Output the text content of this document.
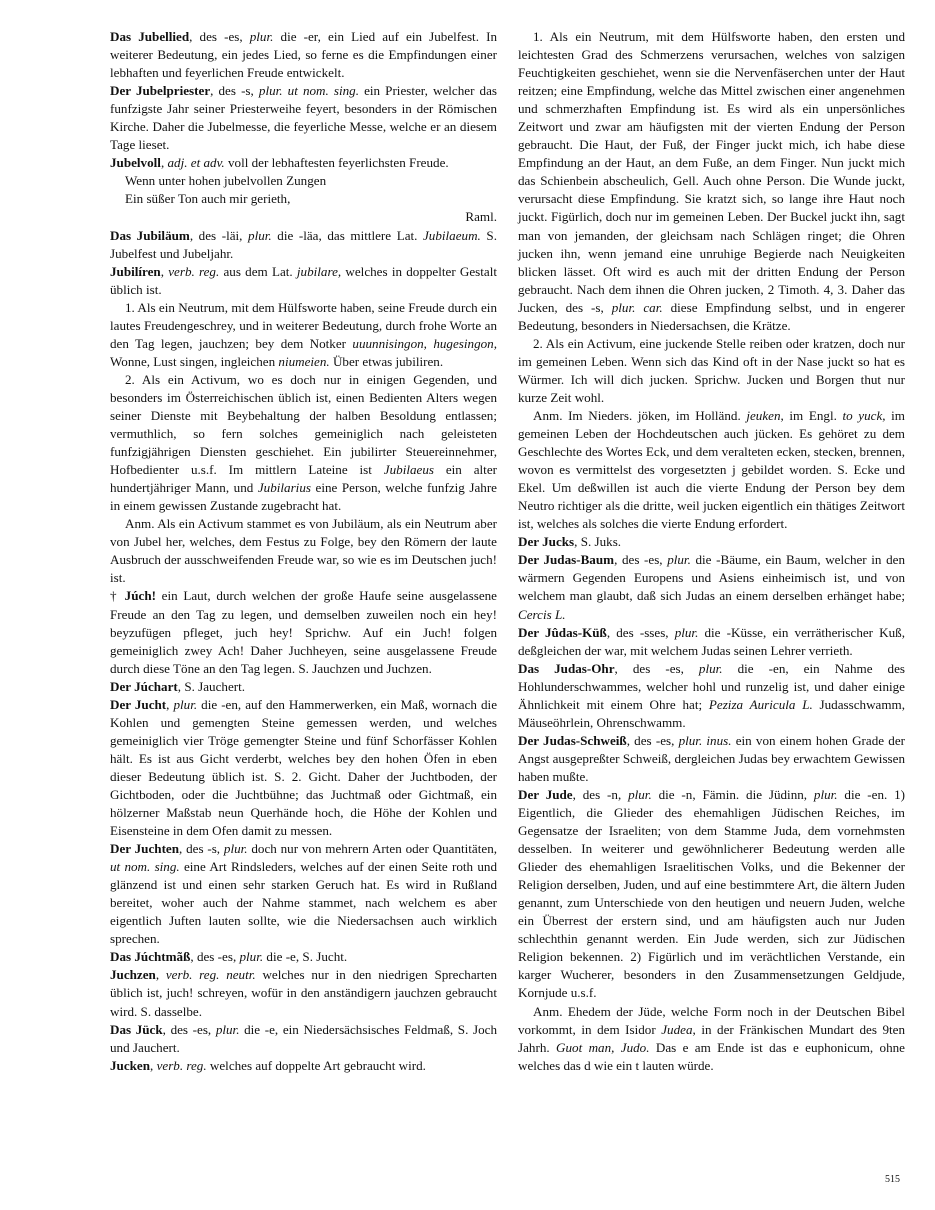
Das Jubellied, des -es, plur. die -er, ein Lied auf ein Jubelfest. In weiterer Bedeutung, ein jedes Lied, so ferne es die Empfindungen einer lebhaften und feyerlichen Freude entwickelt.

Der Jubelpriester, des -s, plur. ut nom. sing. ein Priester, welcher das funfzigste Jahr seiner Priesterweihe feyert, besonders in der Römischen Kirche. Daher die Jubelmesse, die feyerliche Messe, welche er an diesem Tage lieset.

Jubelvoll, adj. et adv. voll der lebhaftesten feyerlichsten Freude.

Wenn unter hohen jubelvollen Zungen

Ein süßer Ton auch mir gerieth,

Raml.

Das Jubiläum, des -läi, plur. die -läa, das mittlere Lat. Jubilaeum. S. Jubelfest und Jubeljahr.

Jubilíren, verb. reg. aus dem Lat. jubilare, welches in doppelter Gestalt üblich ist.

1. Als ein Neutrum, mit dem Hülfsworte haben, seine Freude durch ein lautes Freudengeschrey, und in weiterer Bedeutung, durch frohe Worte an den Tag legen, jauchzen; bey dem Notker uuunnisingon, hugesingon, Wonne, Lust singen, ingleichen niumeien. Über etwas jubiliren.

2. Als ein Activum, wo es doch nur in einigen Gegenden, und besonders im Österreichischen üblich ist, einen Bedienten Alters wegen seiner Dienste mit Beybehaltung der halben Besoldung entlassen; vermuthlich, so fern solches gemeiniglich nach geleisteten funfzigjährigen Diensten geschiehet. Ein jubilirter Steuereinnehmer, Hofbedienter u.s.f. Im mittlern Lateine ist Jubilaeus ein alter hundertjähriger Mann, und Jubilarius eine Person, welche funfzig Jahre in einem gewissen Zustande zugebracht hat.

Anm. Als ein Activum stammet es von Jubiläum, als ein Neutrum aber von Jubel her, welches, dem Festus zu Folge, bey den Römern der laute Ausbruch der ausschweifenden Freude war, so wie es im Deutschen juch! ist.

† Júch! ein Laut, durch welchen der große Haufe seine ausgelassene Freude an den Tag zu legen, und demselben zuweilen noch ein hey! beyzufügen pfleget, juch hey! Sprichw. Auf ein Juch! folgen gemeiniglich zwey Ach! Daher Juchheyen, seine ausgelassene Freude durch diese Töne an den Tag legen. S. Jauchzen und Juchzen.

Der Júchart, S. Jauchert.

Der Jucht, plur. die -en, auf den Hammerwerken, ein Maß, wornach die Kohlen und gemengten Steine gemessen werden, und welches gemeiniglich vier Tröge gemengter Steine und fünf Schorfässer Kohlen hält. Es ist aus Gicht verderbt, welches bey den hohen Öfen in eben dieser Bedeutung üblich ist. S. 2. Gicht. Daher der Juchtboden, der Gichtboden, oder die Juchtbühne; das Juchtmaß oder Gichtmaß, ein hölzerner Maßstab neun Querhände hoch, die Höhe der Kohlen und Eisensteine in dem Ofen damit zu messen.

Der Juchten, des -s, plur. doch nur von mehrern Arten oder Quantitäten, ut nom. sing. eine Art Rindsleders, welches auf der einen Seite roth und glänzend ist und einen sehr starken Geruch hat. Es wird in Rußland bereitet, woher auch der Nahme stammet, nach welchem es aber eigentlich Juften lauten sollte, wie die Niedersachsen auch wirklich sprechen.

Das Júchtmãß, des -es, plur. die -e, S. Jucht.

Juchzen, verb. reg. neutr. welches nur in den niedrigen Sprecharten üblich ist, juch! schreyen, wofür in den anständigern jauchzen gebraucht wird. S. dasselbe.

Das Jück, des -es, plur. die -e, ein Niedersächsisches Feldmaß, S. Joch und Jauchert.

Jucken, verb. reg. welches auf doppelte Art gebraucht wird.

1. Als ein Neutrum, mit dem Hülfsworte haben, den ersten und leichtesten Grad des Schmerzens verursachen, welches von salzigen Feuchtigkeiten geschiehet, wenn sie die Nervenfäserchen unter der Haut reitzen; eine Empfindung, welche das Mittel zwischen einer angenehmen und schmerzhaften Empfindung ist. Es wird als ein unpersönliches Zeitwort und zwar am häufigsten mit der vierten Endung der Person gebraucht. Die Haut, der Fuß, der Finger juckt mich, ich habe diese Empfindung an der Haut, an dem Fuße, an dem Finger. Nun juckt mich das Schienbein abscheulich, Gell. Auch ohne Person. Die Wunde juckt, verursacht diese Empfindung. Sie kratzt sich, so lange ihre Haut noch juckt. Figürlich, doch nur im gemeinen Leben. Der Buckel juckt ihn, sagt man von jemanden, der gleichsam nach Schlägen ringet; die Ohren jucken ihn, wenn jemand eine unruhige Begierde nach Neuigkeiten blicken lässet. Oft wird es auch mit der dritten Endung der Person gebraucht. Nach dem ihnen die Ohren jucken, 2 Timoth. 4, 3. Daher das Jucken, des -s, plur. car. diese Empfindung selbst, und in engerer Bedeutung, besonders in Niedersachsen, die Krätze.

2. Als ein Activum, eine juckende Stelle reiben oder kratzen, doch nur im gemeinen Leben. Wenn sich das Kind oft in der Nase juckt so hat es Würmer. Ich will dich jucken. Sprichw. Jucken und Borgen thut nur kurze Zeit wohl.

Anm. Im Nieders. jöken, im Holländ. jeuken, im Engl. to yuck, im gemeinen Leben der Hochdeutschen auch jücken. Es gehöret zu dem Geschlechte des Wortes Eck, und dem veralteten ecken, stecken, brennen, wovon es vermittelst des vorgesetzten j gebildet worden. S. Ecke und Ekel. Um deßwillen ist auch die vierte Endung der Person bey dem Neutro richtiger als die dritte, weil jucken eigentlich ein thätiges Zeitwort ist, welches als solches die vierte Endung erfordert.

Der Jucks, S. Juks.

Der Judas-Baum, des -es, plur. die -Bäume, ein Baum, welcher in den wärmern Gegenden Europens und Asiens einheimisch ist, und von welchem man glaubt, daß sich Judas an einem derselben erhänget habe; Cercis L.

Der Jûdas-Küß, des -sses, plur. die -Küsse, ein verrätherischer Kuß, deßgleichen der war, mit welchem Judas seinen Lehrer verrieth.

Das Judas-Ohr, des -es, plur. die -en, ein Nahme des Hohlunderschwammes, welcher hohl und runzelig ist, und daher einige Ähnlichkeit mit einem Ohre hat; Peziza Auricula L. Judasschwamm, Mäuseöhrlein, Ohrenschwamm.

Der Judas-Schweiß, des -es, plur. inus. ein von einem hohen Grade der Angst ausgepreßter Schweiß, dergleichen Judas bey erwachtem Gewissen haben mußte.

Der Jude, des -n, plur. die -n, Fämin. die Jüdinn, plur. die -en. 1) Eigentlich, die Glieder des ehemahligen Jüdischen Reiches, im Gegensatze der Israeliten; von dem Stamme Juda, dem vornehmsten desselben. In weiterer und gewöhnlicherer Bedeutung werden alle Glieder des ehemahligen Israelitischen Volks, und die Bekenner der Religion derselben, Juden, und auf eine bestimmtere Art, die ältern Juden genannt, zum Unterschiede von den heutigen und neuern Juden, welche ein Überrest der erstern sind, und am häufigsten auch nur Juden schlechthin genannt werden. Ein Jude werden, sich zur Jüdischen Religion bekennen. 2) Figürlich und im verächtlichen Verstande, ein karger Wucherer, besonders in den Zusammensetzungen Geldjude, Kornjude u.s.f.

Anm. Ehedem der Jüde, welche Form noch in der Deutschen Bibel vorkommt, in dem Isidor Judea, in der Fränkischen Mundart des 9ten Jahrh. Guot man, Judo. Das e am Ende ist das e euphonicum, ohne welches das d wie ein t lauten würde.

515
